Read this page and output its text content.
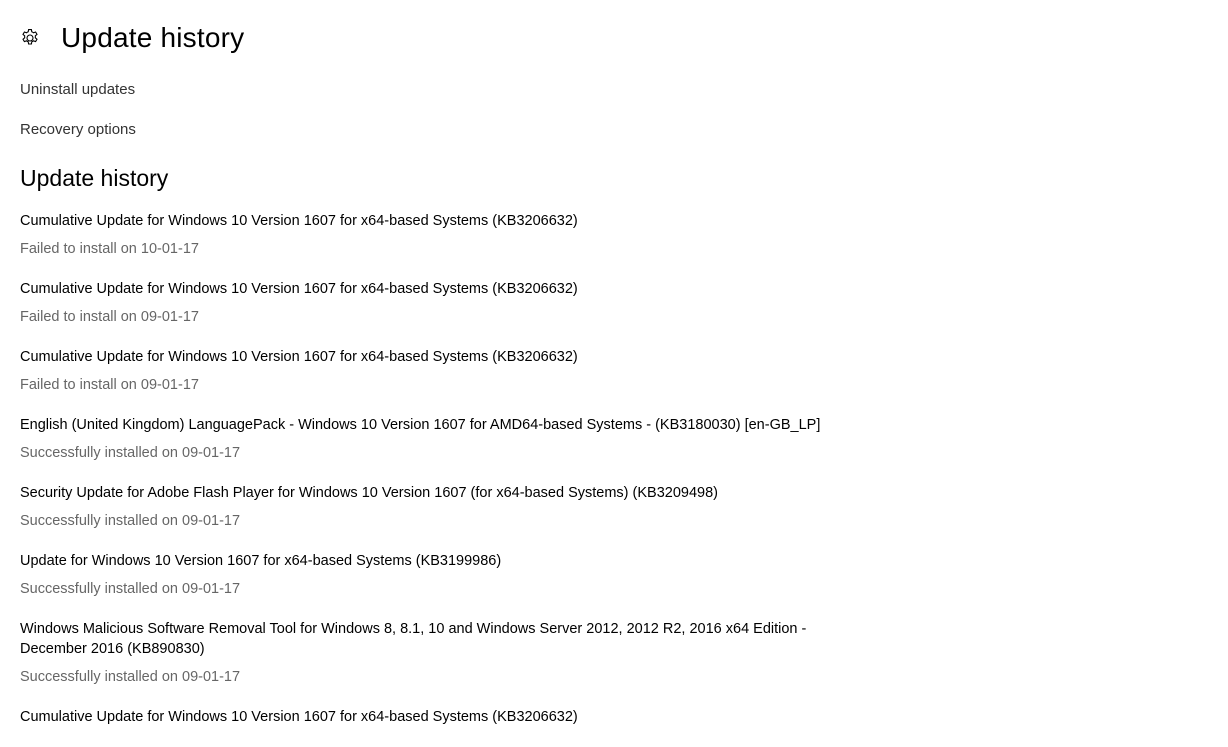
Update history
Uninstall updates
Recovery options
Update history
Cumulative Update for Windows 10 Version 1607 for x64-based Systems (KB3206632)
Failed to install on 10-01-17
Cumulative Update for Windows 10 Version 1607 for x64-based Systems (KB3206632)
Failed to install on 09-01-17
Cumulative Update for Windows 10 Version 1607 for x64-based Systems (KB3206632)
Failed to install on 09-01-17
English (United Kingdom) LanguagePack - Windows 10 Version 1607 for AMD64-based Systems - (KB3180030) [en-GB_LP]
Successfully installed on 09-01-17
Security Update for Adobe Flash Player for Windows 10 Version 1607 (for x64-based Systems) (KB3209498)
Successfully installed on 09-01-17
Update for Windows 10 Version 1607 for x64-based Systems (KB3199986)
Successfully installed on 09-01-17
Windows Malicious Software Removal Tool for Windows 8, 8.1, 10 and Windows Server 2012, 2012 R2, 2016 x64 Edition - December 2016 (KB890830)
Successfully installed on 09-01-17
Cumulative Update for Windows 10 Version 1607 for x64-based Systems (KB3206632)
